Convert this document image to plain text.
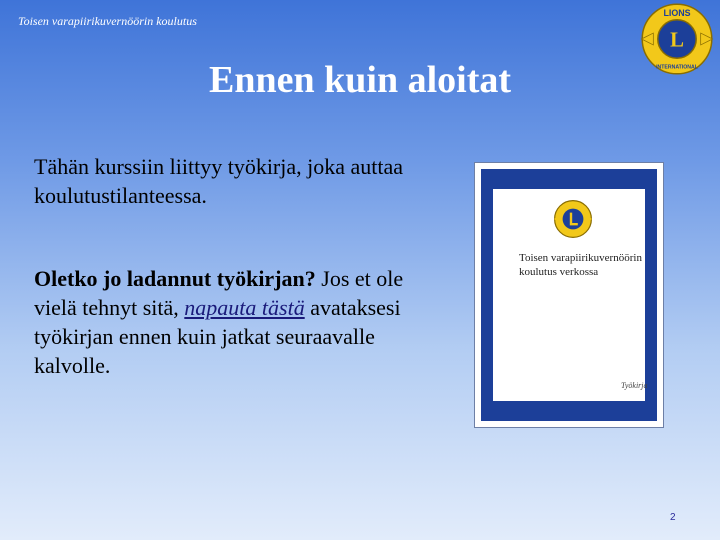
Toisen varapiirikuvernöörin koulutus
L
LIONS
INTERNATIONAL
Ennen kuin aloitat
Tähän kurssiin liittyy työkirja, joka auttaa koulutustilanteessa.
Oletko jo ladannut työkirjan? Jos et ole vielä tehnyt sitä, napauta tästä avataksesi työkirjan ennen kuin jatkat seuraavalle kalvolle.
Toisen varapiirikuvernöörin koulutus verkossa
Työkirja
2
